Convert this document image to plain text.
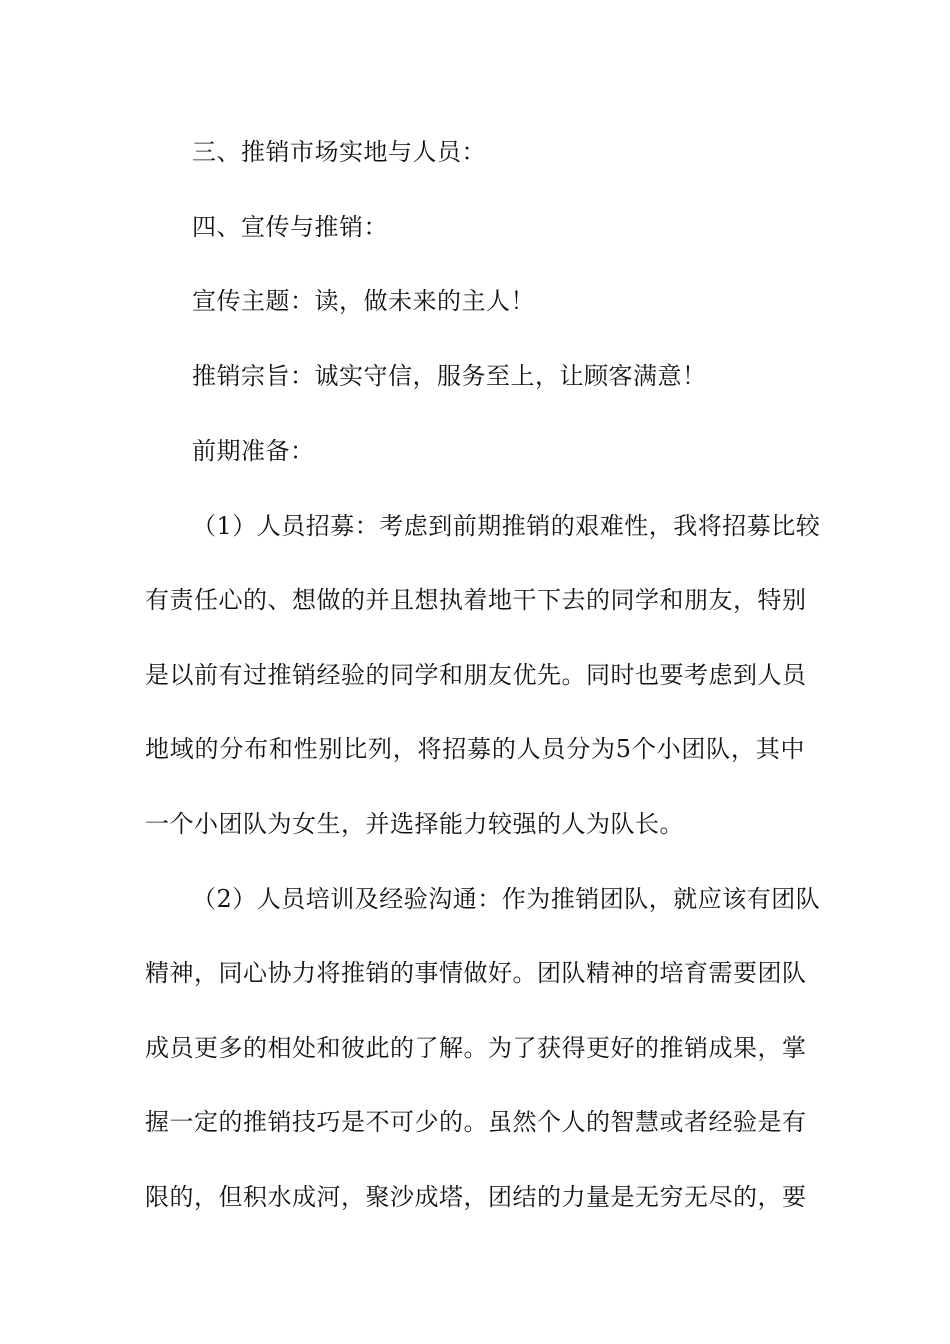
三、推销市场实地与人员：
四、宣传与推销：
宣传主题：读，做未来的主人！
推销宗旨：诚实守信，服务至上，让顾客满意！
前期准备：
（1）人员招募：考虑到前期推销的艰难性，我将招募比较
有责任心的、想做的并且想执着地干下去的同学和朋友，特别
是以前有过推销经验的同学和朋友优先。同时也要考虑到人员
地域的分布和性别比列，将招募的人员分为5个小团队，其中
一个小团队为女生，并选择能力较强的人为队长。
（2）人员培训及经验沟通：作为推销团队，就应该有团队
精神，同心协力将推销的事情做好。团队精神的培育需要团队
成员更多的相处和彼此的了解。为了获得更好的推销成果，掌
握一定的推销技巧是不可少的。虽然个人的智慧或者经验是有
限的，但积水成河，聚沙成塔，团结的力量是无穷无尽的，要
